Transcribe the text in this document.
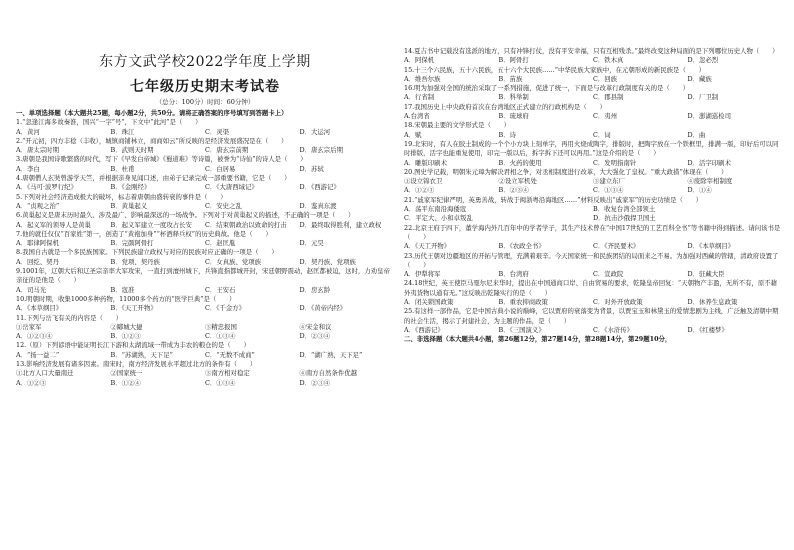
东方文武学校2022学年度上学期
七年级历史期末考试卷
（总分：100分）时间：60分钟）
一、单项选择题（本大题共25题，每小题2分，共50分。请将正确答案的序号填写到答题卡上）
1.“忽逢江海多故秦淮，国兴“一字”号”，下文中“此河”是（　　）
A．黄河	B．珠江	C．灵渠	D．大运河
2.“开元初，四方丰稔（丰收），城镇商铺林立，商商如云”所反映的是经济发展盛况是在（　　）
A．唐太宗时期	B．武则天时期	C．唐玄宗前期	D．唐玄宗后期
3.唐朝是我国诗歌繁盛的时代，写下《早发白帝城》《蜀道难》等诗篇，被誉为“诗仙”的诗人是（　　）
A．李白	B．杜甫	C．白居易	D．苏轼
4.唐朝僧人玄奘曾游学天竺，并根据亲身见闻口述，由弟子记录完成一部重要书籍，它是（　　）
A．《马可·波罗行纪》	B．《金刚经》	C．《大唐西域记》	D．《西游记》
5.下列对社会经济造成极大的破坏，标志着唐朝由盛转衰的事件是（　　）
A．“贞观之治”	B．黄巢起义	C．安史之乱	D．鉴真东渡
6.黄巢起义是唐末历时最久、涉及最广、影响最深远的一场战争。下列对于对黄巢起义的描述，不正确的一项是（　　）
A．起义军的领导人是黄巢	B．起义军建立一度攻占长安	C．结束朝政治以致命的打击	D．最终取得胜利，建立政权
7.他的就任仅仅“百家姓”第一，创造了“黄袍加身”“杯酒释兵权”的历史典故。他是（　　）
A．耶律阿保机	B．完颜阿骨打	C．赵匡胤	D．元昊
8.我国自古就是一个多民族国家。下列民族建立政权与对应的民族对应正确的一项是（　　）
A．回纥、契丹	B．党项、契丹族	C．女真族、党项族	D．契丹族、党项族
9.1001年，辽朝大后和辽圣宗亲率大军攻宋，一直打到澶州城下，兵锋直指都城开封，宋廷朝野震动，赵匡都被迫，这时，力劝皇帝亲征的是他是（　　）
A．司马光	B．寇准	C．王安石	D．房玄龄
10.明朝时期，收集1000多种药物，11000多个药方的“医学巨典”是（　　）
A．《本草纲目》	B．《天工开物》	C．《千金方》	D．《黄帝内经》
11.下列与岳飞有关的内容是（　　）
①岳家军	②郾城大捷	③精忠报国	④宋金和议
A．①②③④	B．①②③	C．①③④	D．②③④
12.（原）下列谚语中能证明长江下游和太湖流域一带成为丰农的粮仓的是（　　）
A．“扬一益二”	B．“苏湖熟，天下足”	C．“无数不成商”	D．“湖广熟，天下足”
13.影响经济发展有诸多因素。南宋时，南方经济发展水平超过北方的条件有（　　）
①北方人口大量南迁	②国家统一	③南方相对稳定	④南方自然条件优越
A．①②③	B．①②④	C．①③④	D．②③④
14.夏吉书中记载没有选派的地方，只有冲锋打仗，没有平安幸福，只有互相残杀。”最终改变这种局面的是下列哪位历史人物（　　）
A．阿保机	B．阿骨打	C．铁木真	D．忽必烈
15.十三个六民族，五十六民族，五十六个大民族……”中华民族大家族中，在元朝形成的新民族是（　　）
A．维吾尔族	B．苗族	C．回族	D．藏族
16.明为加强对全国的统治采取了一系列措施，促进了统一，下面是与改革行政制度有关的是（　　）
A．行省制	B．科举制	C．郡县制	D．厂卫制
17.我国历史上中央政府首次在台湾地区正式建立的行政机构是（　　）
A.台湾省	B．琉球府	C．夷州	D．澎湖巡检司
18.宋朝最主要的文学形式是（　　）
A．赋	B．诗	C．词	D．曲
19.北宋时，有人在胶土制成的一个个小方块上刻单字，再用火烧成陶字，排版时，把陶字放在一个铁框里，排满一版，印好后可以同时排版，活字也能重复使用，印完一版以后，拆字拆下还可以再用。”这是介绍的是（　　）
A．雕版印刷术	B．火药的使用	C．发明指南针	D．活字印刷术
20.图史学记载，明朝朱元璋为解决君相之争，对丞相制度进行改革，大大强化了皇权。“重大政措”体现在（　　）
①设立锦衣卫	②设立军机处	③建立东厂	④废除宰相制度
A．①②③	B．②③④	C．①③④	D．①④
21.“戚家军纪律严明，英勇善战，转战于闽浙粤沿海地区……”材料反映出“戚家军”的历史功绩是（　　）
A．荡平东南沿海倭寇	B．收复台湾全部领土
C．平定大、小和卓叛乱	D．抗击沙俄捍卫国土
22.北京王府于四下，董学海内外几百年中的学者学子，其生产技术曾在“中国17世纪的工艺百科全书”等书籍中得到描述。请问该书是（　　）
A．《天工开物》	B．《农政全书》	C．《齐民要术》	D．《本草纲目》
23.历代王朝对边疆地区的开拓与管理，充满着艰辛。今天国家统一和民族团结的局面来之不易。为加强对西藏的管辖，清政府设置了（　　）
A．伊犁将军	B．台湾府	C．宣政院	D．驻藏大臣
24.18世纪，英王使臣马戛尔尼来华时，提出在中国通商口岸、自由贸易的要求，乾隆皇帝回复：“天朝物产丰盈，无所不有，原不藉外夷货物以通有无。”这反映出乾隆实行的是（　　）
A．闭关锁国政策	B．重农抑商政策	C．对外开放政策	D．休养生息政策
25.有这样一部作品，它是中国古典小说的巅峰，它以贾府的衰落变为背景，以贾宝玉和林黛玉的爱情悲剧为主线，广泛触及清朝中期的社会生活，揭示了封建社会，为主题的作品，是（　　）
A．《西游记》	B．《三国演义》	C．《水浒传》	D．《红楼梦》
二、非选择题（本大题共4小题，第26题12分，第27题14分，第28题14分，第29题10分，
